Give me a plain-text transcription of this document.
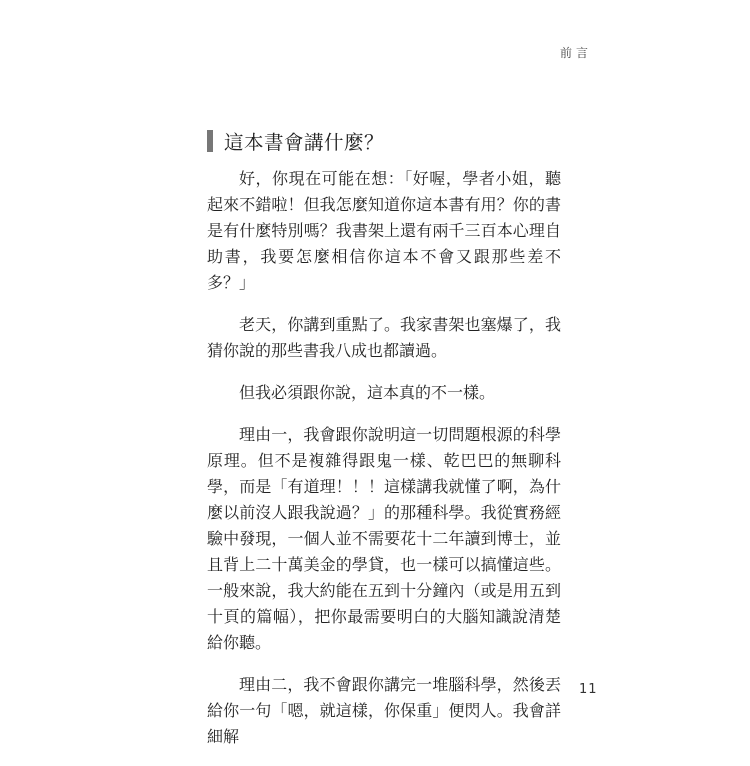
前言
這本書會講什麼？

好，你現在可能在想：「好喔，學者小姐，聽起來不錯啦！但我怎麼知道你這本書有用？你的書是有什麼特別嗎？我書架上還有兩千三百本心理自助書，我要怎麼相信你這本不會又跟那些差不多？」

老天，你講到重點了。我家書架也塞爆了，我猜你說的那些書我八成也都讀過。

但我必須跟你說，這本真的不一樣。

理由一，我會跟你說明這一切問題根源的科學原理。但不是複雜得跟鬼一樣、乾巴巴的無聊科學，而是「有道理！！！這樣講我就懂了啊，為什麼以前沒人跟我說過？」的那種科學。我從實務經驗中發現，一個人並不需要花十二年讀到博士，並且背上二十萬美金的學貸，也一樣可以搞懂這些。一般來說，我大約能在五到十分鐘內（或是用五到十頁的篇幅），把你最需要明白的大腦知識說清楚給你聽。

理由二，我不會跟你講完一堆腦科學，然後丟給你一句「嗯，就這樣，你保重」便閃人。我會詳細解

11
